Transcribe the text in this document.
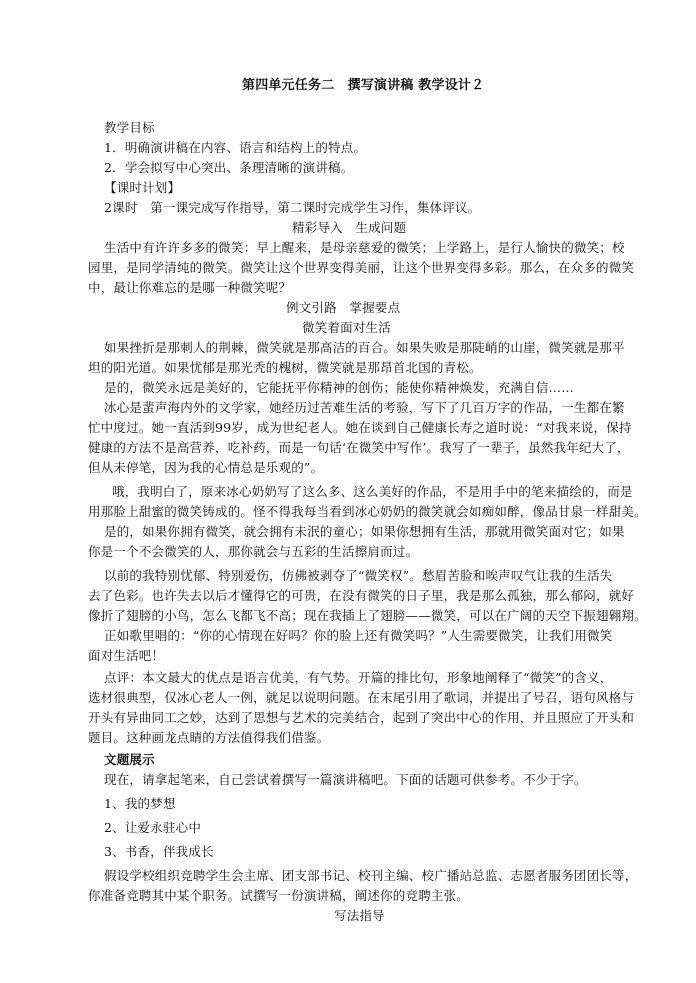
第四单元任务二　撰写演讲稿 教学设计２
教学目标
1．明确演讲稿在内容、语言和结构上的特点。
2．学会拟写中心突出、条理清晰的演讲稿。
【课时计划】
2课时　第一课完成写作指导，第二课时完成学生习作，集体评议。
精彩导入　生成问题
生活中有许许多多的微笑：早上醒来，是母亲慈爱的微笑；上学路上，是行人愉快的微笑；校
园里，是同学清纯的微笑。微笑让这个世界变得美丽，让这个世界变得多彩。那么，在众多的微笑
中，最让你难忘的是哪一种微笑呢？
例文引路　掌握要点
微笑着面对生活
如果挫折是那刺人的荆棘，微笑就是那高洁的百合。如果失败是那陡峭的山崖，微笑就是那平
坦的阳光道。如果忧郁是那光秃的槐树，微笑就是那昂首北国的青松。
是的，微笑永远是美好的，它能抚平你精神的创伤；能使你精神焕发，充满自信……
冰心是蜚声海内外的文学家，她经历过苦难生活的考验，写下了几百万字的作品，一生都在繁
忙中度过。她一直活到99岁，成为世纪老人。她在谈到自己健康长寿之道时说：“对我来说，保持
健康的方法不是高营养，吃补药，而是一句话‘在微笑中写作’。我写了一辈子，虽然我年纪大了，
但从未停笔，因为我的心情总是乐观的”。
哦，我明白了，原来冰心奶奶写了这么多、这么美好的作品，不是用手中的笔来描绘的，而是
用那脸上甜蜜的微笑铸成的。怪不得我每当看到冰心奶奶的微笑就会如痴如醉，像品甘泉一样甜美。
是的，如果你拥有微笑，就会拥有未泯的童心；如果你想拥有生活，那就用微笑面对它；如果
你是一个不会微笑的人，那你就会与五彩的生活擦肩而过。
以前的我特别忧郁、特别爱伤，仿佛被剥夺了“微笑权”。愁眉苦脸和唉声叹气让我的生活失
去了色彩。也许失去以后才懂得它的可贵，在没有微笑的日子里，我是那么孤独，那么郁闷，就好
像折了翅膀的小鸟，怎么飞都飞不高；现在我插上了翅膀——微笑，可以在广阔的天空下振翅翱翔。
正如歌里唱的：“你的心情现在好吗？你的脸上还有微笑吗？”人生需要微笑，让我们用微笑
面对生活吧！
点评：本文最大的优点是语言优美，有气势。开篇的排比句，形象地阐释了“微笑”的含义，
选材很典型，仅冰心老人一例，就足以说明问题。在末尾引用了歌词，并提出了号召，语句风格与
开头有异曲同工之妙，达到了思想与艺术的完美结合，起到了突出中心的作用，并且照应了开头和
题目。这种画龙点睛的方法值得我们借鉴。
文题展示
现在，请拿起笔来，自己尝试着撰写一篇演讲稿吧。下面的话题可供参考。不少于字。
1、我的梦想
2、让爱永驻心中
3、书香，伴我成长
假设学校组织竞聘学生会主席、团支部书记、校刊主编、校广播站总监、志愿者服务团团长等，
你准备竞聘其中某个职务。试撰写一份演讲稿，阐述你的竞聘主张。
写法指导
